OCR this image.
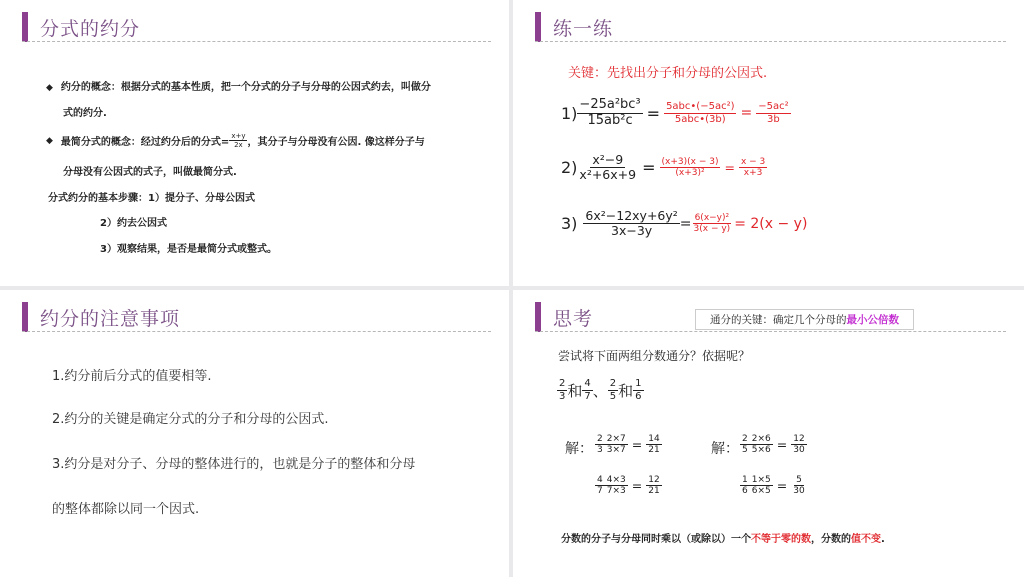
分式的约分
◆ 约分的概念：根据分式的基本性质，把一个分式的分子与分母的公因式约去，叫做分
式的约分.
◆ 最简分式的概念：经过约分后的分式= $\frac{x+y}{2x}$ ，其分子与分母没有公因. 像这样分子与
分母没有公因式的式子，叫做最简分式.
分式约分的基本步骤：1）提分子、分母公因式
2）约去公因式
3）观察结果，是否是最简分式或整式。
练一练
关键：先找出分子和分母的公因式.
$1) \frac{\text{−25a²bc³}}{\text{15ab²c}} = \frac{\text{5abc•(−5ac²)}}{\text{5abc•(3b)}} = \frac{\text{−5ac²}}{3b}$
$2) \frac{\text{x²−9}}{\text{x²+6x+9}} = \frac{(x+3)(x - 3)}{\text{(x+3)²}} = \frac{x - 3}{x+3}$
$3) \frac{\text{6x²−12xy+6y²}}{3x-3y} = \frac{\text{6(x−y)²}}{3(x - y)} = 2(x - y)$
约分的注意事项
1.约分前后分式的值要相等.
2.约分的关键是确定分式的分子和分母的公因式.
3.约分是对分子、分母的整体进行的，也就是分子的整体和分母
的整体都除以同一个因式.
思考	通分的关键：确定几个分母的最小公倍数
尝试将下面两组分数通分？依据呢？
$\frac{2}{3}$ 和 $\frac{4}{7}$ 、 $\frac{2}{5}$ 和 $\frac{1}{6}$
解： $\frac{2}{3} \frac{2\times 7}{3\times 7} = \frac{14}{21}$
$\frac{4}{7} \frac{4\times 3}{7\times 3} = \frac{12}{21}$
解： $\frac{2}{5} \frac{2\times 6}{5\times 6} = \frac{12}{30}$
$\frac{1}{6} \frac{1\times 5}{6\times 5} = \frac{5}{30}$
分数的分子与分母同时乘以（或除以）一个不等于零的数，分数的值不变.
